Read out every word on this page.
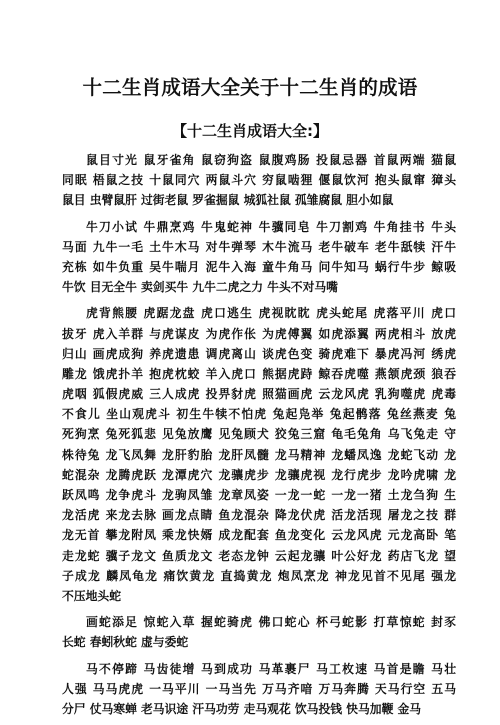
十二生肖成语大全关于十二生肖的成语
【十二生肖成语大全:】
鼠目寸光 鼠牙雀角 鼠窃狗盗 鼠腹鸡肠 投鼠忌器 首鼠两端 猫鼠
同眠 梧鼠之技 十鼠同穴 两鼠斗穴 穷鼠啮狸 偃鼠饮河 抱头鼠窜 獐头
鼠目 虫臂鼠肝 过街老鼠 罗雀掘鼠 城狐社鼠 孤雏腐鼠 胆小如鼠
牛刀小试 牛鼎烹鸡 牛鬼蛇神 牛骥同皂 牛刀割鸡 牛角挂书 牛头
马面 九牛一毛 土牛木马 对牛弹琴 木牛流马 老牛破车 老牛舐犊 汗牛
充栋 如牛负重 吴牛喘月 泥牛入海 童牛角马 问牛知马 蜗行牛步 鲸吸
牛饮 目无全牛 卖剑买牛 九牛二虎之力 牛头不对马嘴
虎背熊腰 虎踞龙盘 虎口逃生 虎视眈眈 虎头蛇尾 虎落平川 虎口
拔牙 虎入羊群 与虎谋皮 为虎作伥 为虎傅翼 如虎添翼 两虎相斗 放虎
归山 画虎成狗 养虎遗患 调虎离山 谈虎色变 骑虎难下 暴虎冯河 绣虎
雕龙 饿虎扑羊 抱虎枕蛟 羊入虎口 熊据虎跱 鲸吞虎噬 燕颔虎颈 狼吞
虎咽 狐假虎威 三人成虎 投畀豺虎 照猫画虎 云龙风虎 乳狗噬虎 虎毒
不食儿 坐山观虎斗 初生牛犊不怕虎 兔起凫举 兔起鹘落 兔丝燕麦 兔
死狗烹 兔死狐悲 见兔放鹰 见兔顾犬 狡兔三窟 龟毛兔角 乌飞兔走 守
株待兔 龙飞凤舞 龙肝豹胎 龙肝凤髓 龙马精神 龙蟠凤逸 龙蛇飞动 龙
蛇混杂 龙腾虎跃 龙潭虎穴 龙骧虎步 龙骧虎视 龙行虎步 龙吟虎啸 龙
跃凤鸣 龙争虎斗 龙驹凤雏 龙章凤姿 一龙一蛇 一龙一猪 土龙刍狗 生
龙活虎 来龙去脉 画龙点睛 鱼龙混杂 降龙伏虎 活龙活现 屠龙之技 群
龙无首 攀龙附凤 乘龙快婿 成龙配套 鱼龙变化 云龙风虎 元龙高卧 笔
走龙蛇 骥子龙文 鱼质龙文 老态龙钟 云起龙骧 叶公好龙 药店飞龙 望
子成龙 麟凤龟龙 痛饮黄龙 直捣黄龙 炮凤烹龙 神龙见首不见尾 强龙
不压地头蛇
画蛇添足 惊蛇入草 握蛇骑虎 佛口蛇心 杯弓蛇影 打草惊蛇 封豕
长蛇 春蚓秋蛇 虚与委蛇
马不停蹄 马齿徒增 马到成功 马革裹尸 马工枚速 马首是瞻 马壮
人强 马马虎虎 一马平川 一马当先 万马齐喑 万马奔腾 天马行空 五马
分尸 仗马寒蝉 老马识途 汗马功劳 走马观花 饮马投钱 快马加鞭 金马
